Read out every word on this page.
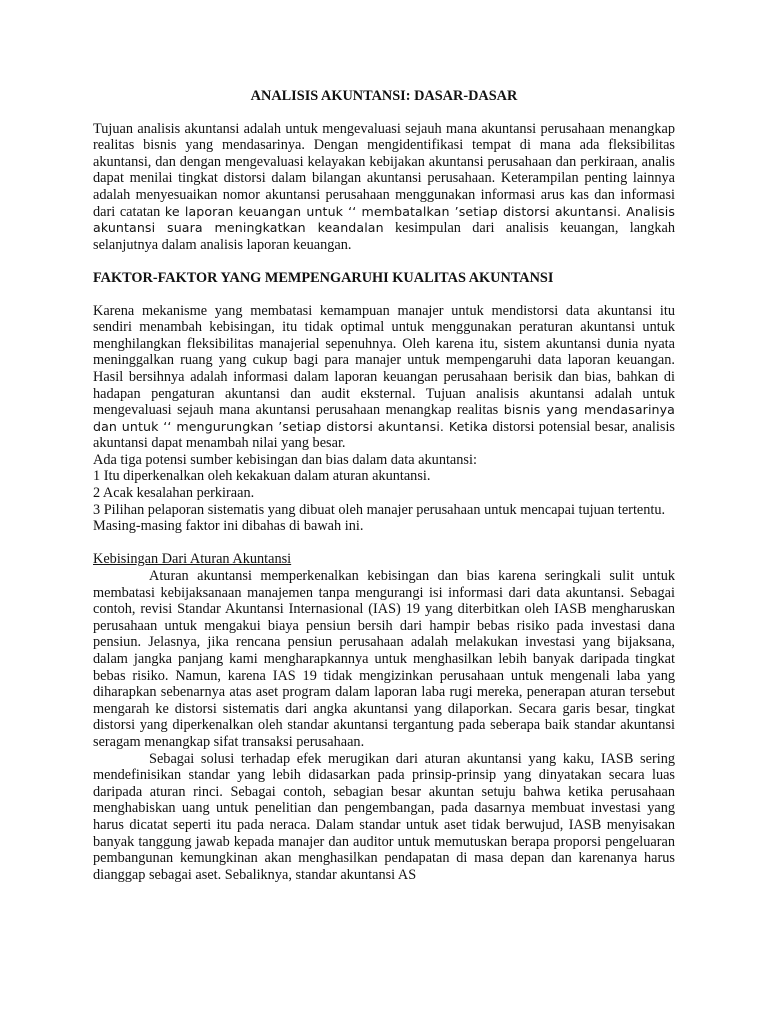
ANALISIS AKUNTANSI: DASAR-DASAR

Tujuan analisis akuntansi adalah untuk mengevaluasi sejauh mana akuntansi perusahaan menangkap realitas bisnis yang mendasarinya. Dengan mengidentifikasi tempat di mana ada fleksibilitas akuntansi, dan dengan mengevaluasi kelayakan kebijakan akuntansi perusahaan dan perkiraan, analis dapat menilai tingkat distorsi dalam bilangan akuntansi perusahaan. Keterampilan penting lainnya adalah menyesuaikan nomor akuntansi perusahaan menggunakan informasi arus kas dan informasi dari catatan ke laporan keuangan untuk ‘‘ membatalkan ’setiap distorsi akuntansi. Analisis akuntansi suara meningkatkan keandalan kesimpulan dari analisis keuangan, langkah selanjutnya dalam analisis laporan keuangan.

FAKTOR-FAKTOR YANG MEMPENGARUHI KUALITAS AKUNTANSI

Karena mekanisme yang membatasi kemampuan manajer untuk mendistorsi data akuntansi itu sendiri menambah kebisingan, itu tidak optimal untuk menggunakan peraturan akuntansi untuk menghilangkan fleksibilitas manajerial sepenuhnya. Oleh karena itu, sistem akuntansi dunia nyata meninggalkan ruang yang cukup bagi para manajer untuk mempengaruhi data laporan keuangan. Hasil bersihnya adalah informasi dalam laporan keuangan perusahaan berisik dan bias, bahkan di hadapan pengaturan akuntansi dan audit eksternal. Tujuan analisis akuntansi adalah untuk mengevaluasi sejauh mana akuntansi perusahaan menangkap realitas bisnis yang mendasarinya dan untuk ‘‘ mengurungkan ’setiap distorsi akuntansi. Ketika distorsi potensial besar, analisis akuntansi dapat menambah nilai yang besar.

Ada tiga potensi sumber kebisingan dan bias dalam data akuntansi:

1 Itu diperkenalkan oleh kekakuan dalam aturan akuntansi.

2 Acak kesalahan perkiraan.

3 Pilihan pelaporan sistematis yang dibuat oleh manajer perusahaan untuk mencapai tujuan tertentu.

Masing-masing faktor ini dibahas di bawah ini.

Kebisingan Dari Aturan Akuntansi

Aturan akuntansi memperkenalkan kebisingan dan bias karena seringkali sulit untuk membatasi kebijaksanaan manajemen tanpa mengurangi isi informasi dari data akuntansi. Sebagai contoh, revisi Standar Akuntansi Internasional (IAS) 19 yang diterbitkan oleh IASB mengharuskan perusahaan untuk mengakui biaya pensiun bersih dari hampir bebas risiko pada investasi dana pensiun. Jelasnya, jika rencana pensiun perusahaan adalah melakukan investasi yang bijaksana, dalam jangka panjang kami mengharapkannya untuk menghasilkan lebih banyak daripada tingkat bebas risiko. Namun, karena IAS 19 tidak mengizinkan perusahaan untuk mengenali laba yang diharapkan sebenarnya atas aset program dalam laporan laba rugi mereka, penerapan aturan tersebut mengarah ke distorsi sistematis dari angka akuntansi yang dilaporkan. Secara garis besar, tingkat distorsi yang diperkenalkan oleh standar akuntansi tergantung pada seberapa baik standar akuntansi seragam menangkap sifat transaksi perusahaan.

Sebagai solusi terhadap efek merugikan dari aturan akuntansi yang kaku, IASB sering mendefinisikan standar yang lebih didasarkan pada prinsip-prinsip yang dinyatakan secara luas daripada aturan rinci. Sebagai contoh, sebagian besar akuntan setuju bahwa ketika perusahaan menghabiskan uang untuk penelitian dan pengembangan, pada dasarnya membuat investasi yang harus dicatat seperti itu pada neraca. Dalam standar untuk aset tidak berwujud, IASB menyisakan banyak tanggung jawab kepada manajer dan auditor untuk memutuskan berapa proporsi pengeluaran pembangunan kemungkinan akan menghasilkan pendapatan di masa depan dan karenanya harus dianggap sebagai aset. Sebaliknya, standar akuntansi AS
